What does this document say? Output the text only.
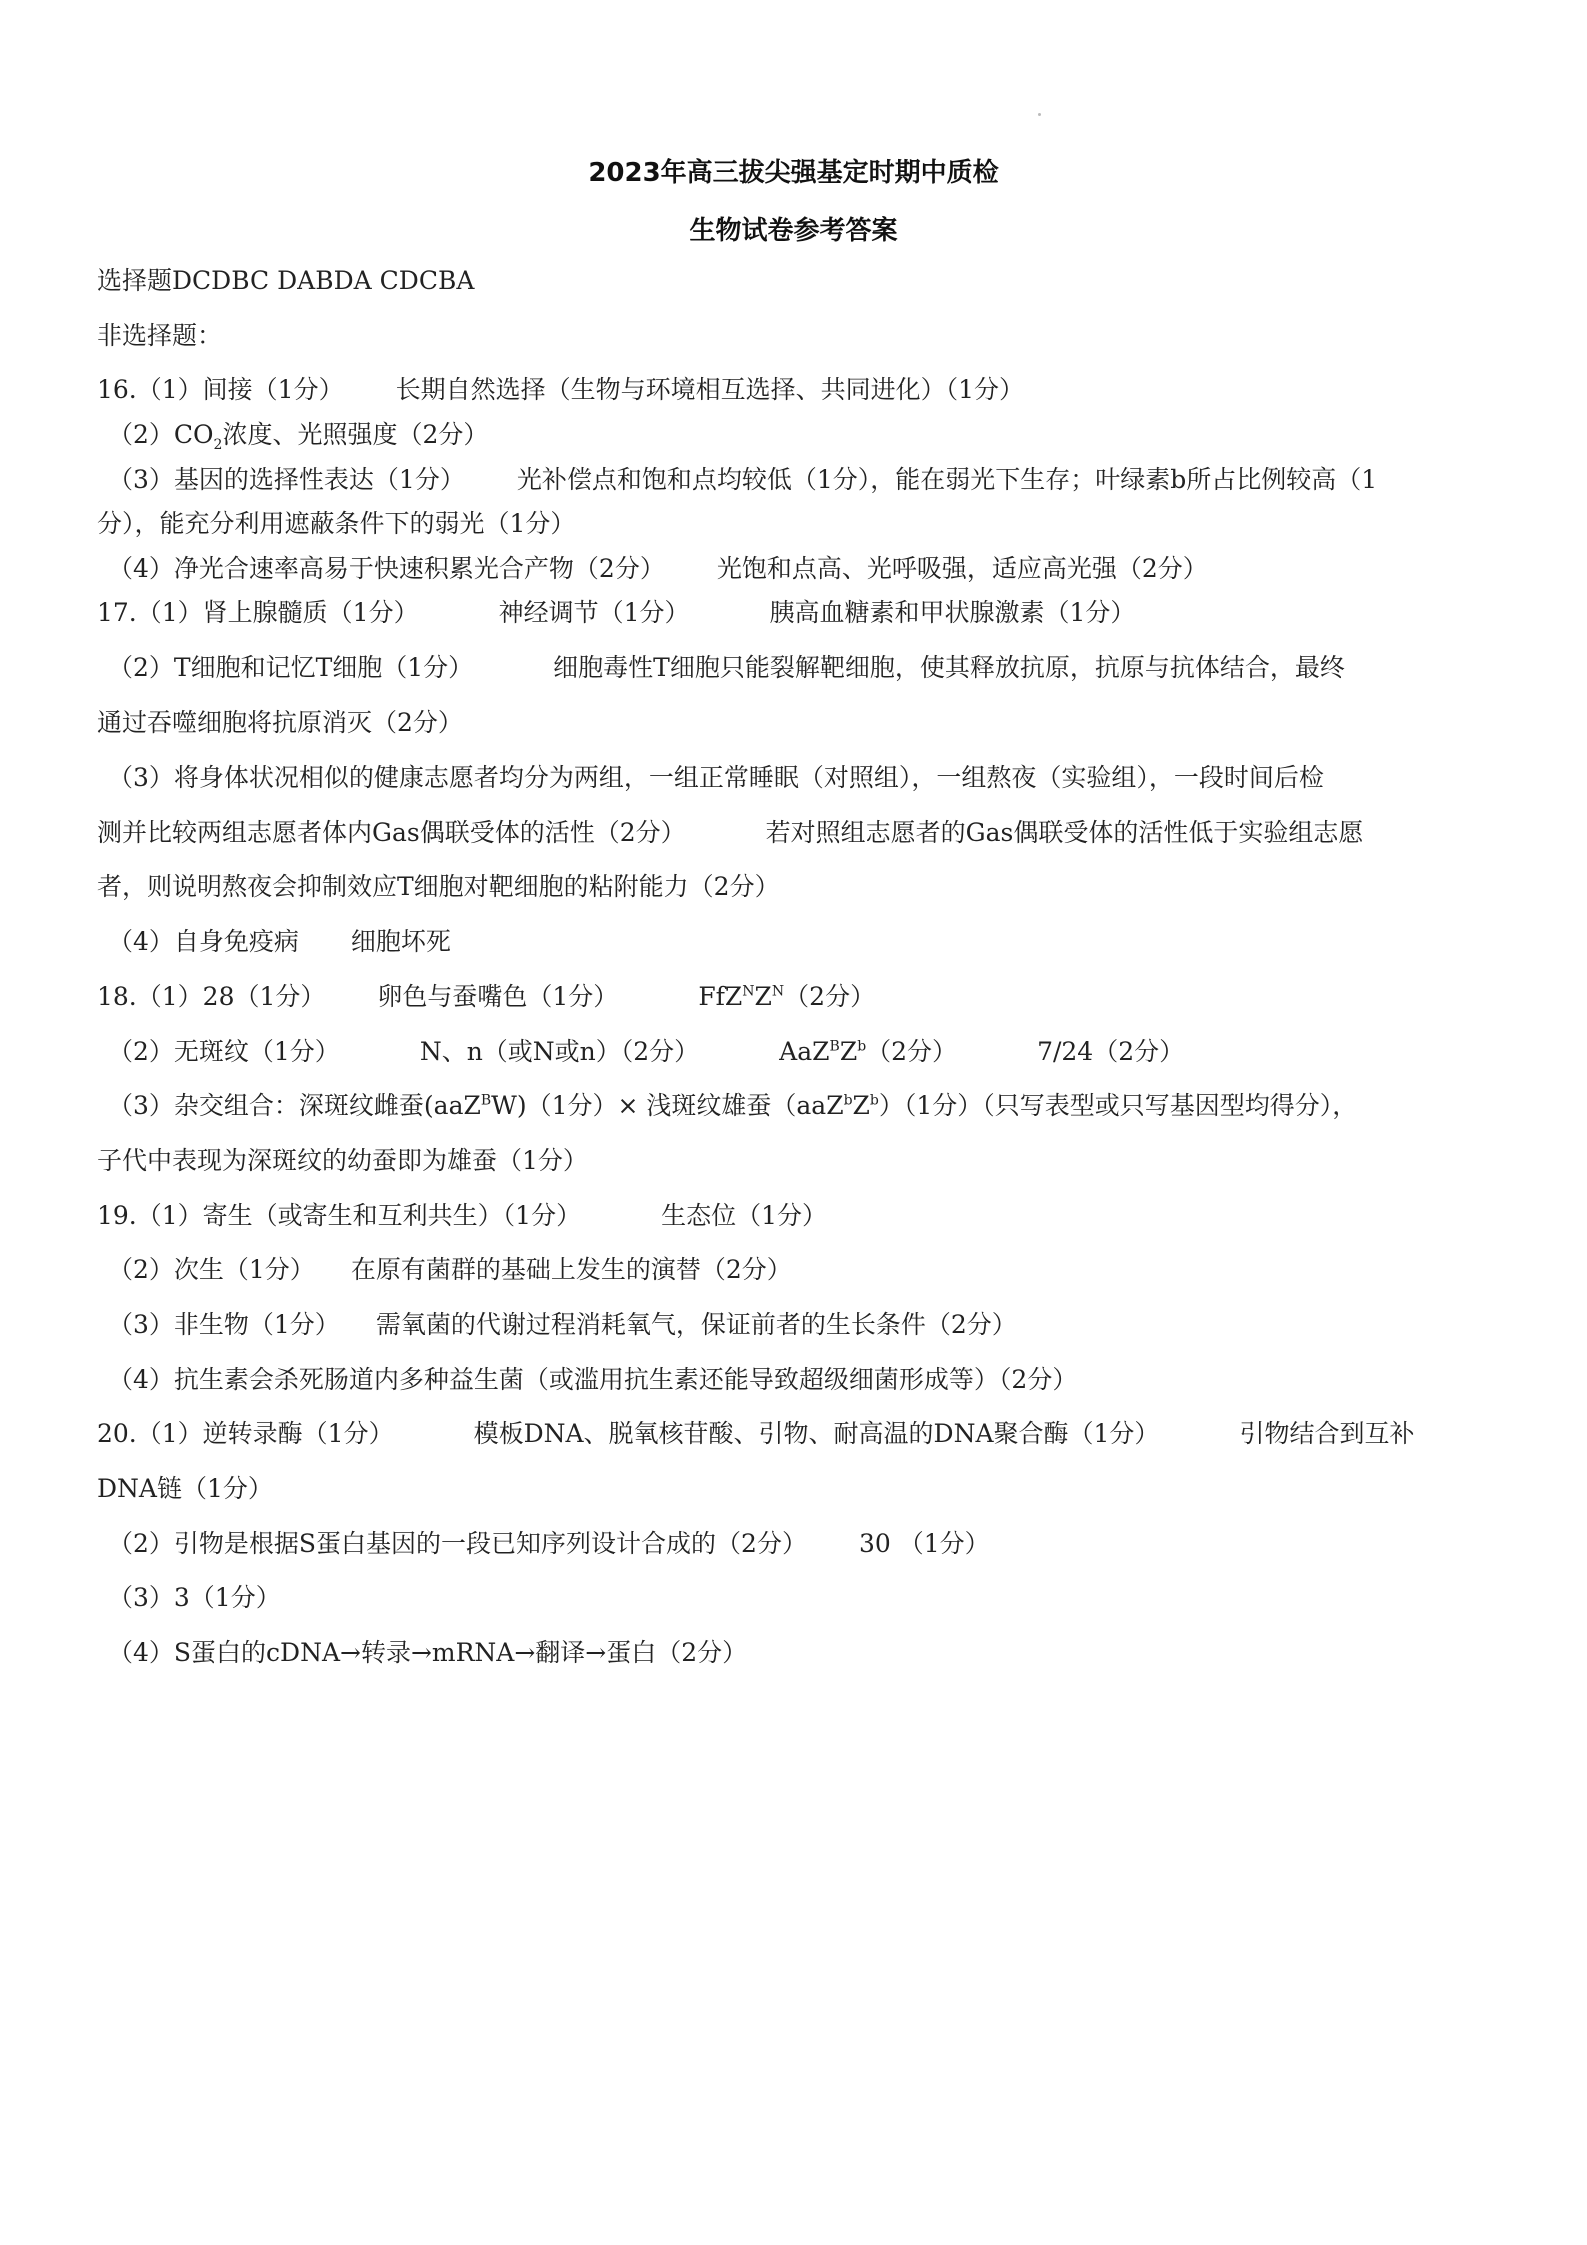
2023年高三拔尖强基定时期中质检
生物试卷参考答案
选择题DCDBC DABDA CDCBA
非选择题：
16.（1）间接（1分） 长期自然选择（生物与环境相互选择、共同进化）（1分）
$(2)CO_2$浓度、光照强度（2分）
（3）基因的选择性表达（1分） 光补偿点和饱和点均较低（1分），能在弱光下生存；叶绿素b所占比例较高（1
分），能充分利用遮蔽条件下的弱光（1分）
（4）净光合速率高易于快速积累光合产物（2分） 光饱和点高、光呼吸强，适应高光强（2分）
17.（1）肾上腺髓质（1分）	神经调节（1分）	胰高血糖素和甲状腺激素（1分）
（2）T细胞和记忆T细胞（1分）	细胞毒性T细胞只能裂解靶细胞，使其释放抗原，抗原与抗体结合，最终
通过吞噬细胞将抗原消灭（2分）
（3）将身体状况相似的健康志愿者均分为两组，一组正常睡眠（对照组），一组熬夜（实验组），一段时间后检
测并比较两组志愿者体内Gas偶联受体的活性（2分）	若对照组志愿者的Gas偶联受体的活性低于实验组志愿
者，则说明熬夜会抑制效应T细胞对靶细胞的粘附能力（2分）
（4）自身免疫病 细胞坏死
18.（1）28（1分） 卵色与蚕嘴色（1分）	$FfZ^NZ^N(2$分）
（2）无斑纹（1分）	N、n（或N或n）（2分）	$AaZ^BZ^b(2$分）	7/24（2分）
（3）杂交组合：深斑纹雌蚕(aaZ$^B$W)（1分）× 浅斑纹雄蚕$(aaZ^bZ^b)(1$分）（只写表型或只写基因型均得分），
子代中表现为深斑纹的幼蚕即为雄蚕（1分）
19.（1）寄生（或寄生和互利共生）（1分）	生态位（1分）
（2）次生（1分） 在原有菌群的基础上发生的演替（2分）
（3）非生物（1分） 需氧菌的代谢过程消耗氧气，保证前者的生长条件（2分）
（4）抗生素会杀死肠道内多种益生菌（或滥用抗生素还能导致超级细菌形成等）（2分）
20.（1）逆转录酶（1分）	模板DNA、脱氧核苷酸、引物、耐高温的DNA聚合酶（1分）	引物结合到互补
DNA链（1分）
（2）引物是根据S蛋白基因的一段已知序列设计合成的（2分） 30 （1分）
（3）3（1分）
（4）S蛋白的cDNA→转录→mRNA→翻译→蛋白（2分）
